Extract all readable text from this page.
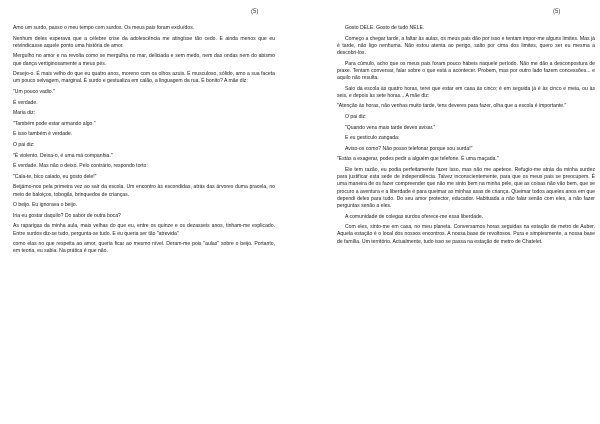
(5)

Amo um surdo, passo o meu tempo com surdos. Os meus pais foram excluídos.

Nenhum deles esperava que a célebre crise da adolescência me atingisse tão cedo. E ainda menos que eu reivindicasse aquele ponto uma história de amor.

Mergulho no amor e na revolta como se mergulha no mar, deliciada e sem medo, nem das ondas nem do abismo que dança vertiginosamente a meus pés.

Desejo-o. É mais velho do que eu quatro anos, moreno com os olhos azuis. É musculoso, sólido, amo a sua faceta um pouco selvagem, marginal. É surdo e gestualiza em calão, a linguagem da rua. É bonito? A mãe diz:

"Um pouco vadio."

É verdade.

Maria diz:

"Também pode estar armando algo."

E isso também é verdade.

O pai diz:

"É violento. Deixa-o, é uma má companhia."

É verdade. Mas não o deixo. Pelo contrário, respondo torto:

"Cala-te, bico calado, eu gosto dele!"

Beijámo-nos pela primeira vez ao sair da escola. Um encontro às escondidas, atrás das árvores duma pracela, no meio de baloiços, tobogãs, brinquedos de crianças.

O beijo. Eu ignorava o beijo.

Iria eu gostar daquilo? Do sabor de outra boca?

As raparigas da minha aula, mais velhas do que eu, entre os quinze e os dezasseis anos, tinham-me explicado. Entre surdos diz-se tudo, pergunta-se tudo. E eu queria ser tão "atrevida"

como elas no que respeita ao amor, queria ficar ao mesmo nível. Deram-me pois "aulas" sobre o beijo. Portanto, em teoria, eu sabia. Na prática é que não.

(5)

Gosto DELE. Gosto de tudo NELE.

Começo a chegar tarde, a faltar às aulas, os meus pais dão por isso e tentam impor-me alguns limites. Mas já é tarde, não ligo nenhuma. Não estou atenta ao perigo, salto por cima dos limites, quero ser eu mesma a descobri-los.

Para cúmulo, acho que os meus pais foram pouco hábeis naquele período. Não me dão a desconpostura de praxe. Tentam conversar, falar sobre o que está a acontecer. Probem, mas por outro lado fazem concessões... e aquilo não resulta.

Saio da escola às quatro horas, terei que estar em casa às cinco; é em seguida já é às cinco e meia, ou às seis, e depois às sete horas... A mãe diz:

"Atenção às horas, não venhas muito tarde, tens deveres para fazer, olha que a escola é importante."

O pai diz:

"Quando vens mais tarde deves avisar."

E eu gesticulo zangada:

Aviso-os como? Não posso telefonar porque sou surda!"

"Estás a exagerar, podes pedir a alguém que telefone. É uma maçada."

Ele tem razão, eu podia perfeitamente fazer isso, mas não me apetece. Refugio-me atrás da minha surdez para justificar esta sede de independência. Talvez inconscientemente, para que os meus pais se preocupem. É uma maneira de os fazer compreender que não me sinto bem na minha pele, que as coisas não vão bem, que se procuro a aventura e a liberdade é para queimar as minhas asas de criança. Queimar todos aqueles anos em que dependi deles para tudo. Do seu amor protector, educador. Habituada a não falar senão com eles, a não fazer perguntas senão a eles.

A comunidade de colegas surdos oferece-me essa liberdade.

Com eles, sinto-me em casa, no meu planeta. Conversamos horas seguidas na estação de metro de Auber. Aquela estação é o local dos nossos encontros. A nossa base de revoltosos. Pura e simplesmente, a nossa base de família. Um território. Actualmente, tudo isso se passa na estação de metro de Chatelet.
